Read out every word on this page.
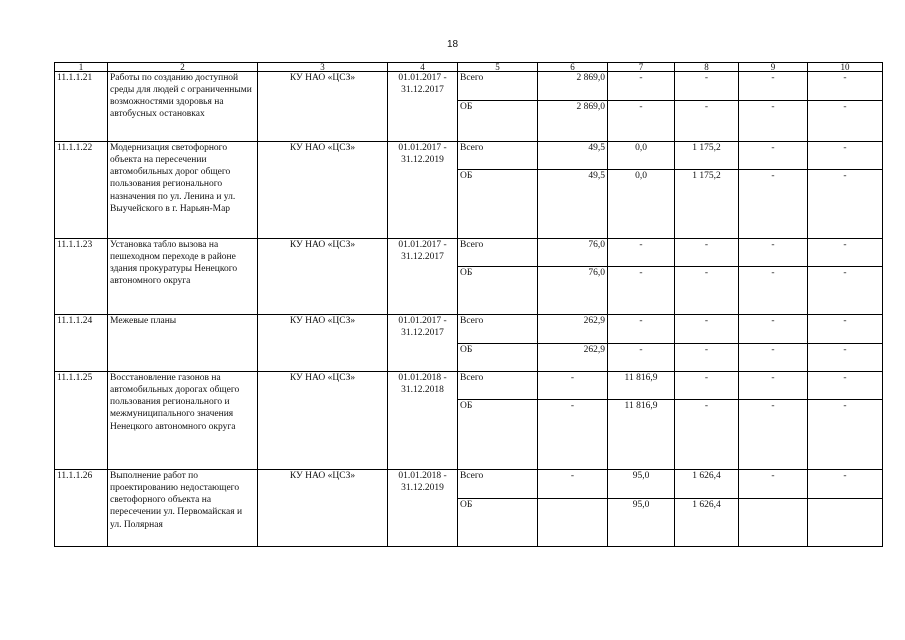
18
1	2	3	4	5	6	7	8	9	10
11.1.1.21	Работы по созданию доступной среды для людей с ограниченными возможностями здоровья на автобусных остановках	КУ НАО «ЦСЗ»	01.01.2017 - 31.12.2017	Всего	2 869,0	-	-	-	-
				ОБ	2 869,0	-	-	-	-
11.1.1.22	Модернизация светофорного объекта на пересечении автомобильных дорог общего пользования регионального назначения по ул. Ленина и ул. Выучейского в г. Нарьян-Мар	КУ НАО «ЦСЗ»	01.01.2017 - 31.12.2019	Всего	49,5	0,0	1 175,2	-	-
				ОБ	49,5	0,0	1 175,2	-	-
11.1.1.23	Установка табло вызова на пешеходном переходе в районе здания прокуратуры Ненецкого автономного округа	КУ НАО «ЦСЗ»	01.01.2017 - 31.12.2017	Всего	76,0	-	-	-	-
				ОБ	76,0	-	-	-	-
11.1.1.24	Межевые планы	КУ НАО «ЦСЗ»	01.01.2017 - 31.12.2017	Всего	262,9	-	-	-	-
				ОБ	262,9	-	-	-	-
11.1.1.25	Восстановление газонов на автомобильных дорогах общего пользования регионального и межмуниципального значения Ненецкого автономного округа	КУ НАО «ЦСЗ»	01.01.2018 - 31.12.2018	Всего	-	11 816,9	-	-	-
				ОБ	-	11 816,9	-	-	-
11.1.1.26	Выполнение работ по проектированию недостающего светофорного объекта на пересечении ул. Первомайская и ул. Полярная	КУ НАО «ЦСЗ»	01.01.2018 - 31.12.2019	Всего	-	95,0	1 626,4	-	-
				ОБ		95,0	1 626,4		
